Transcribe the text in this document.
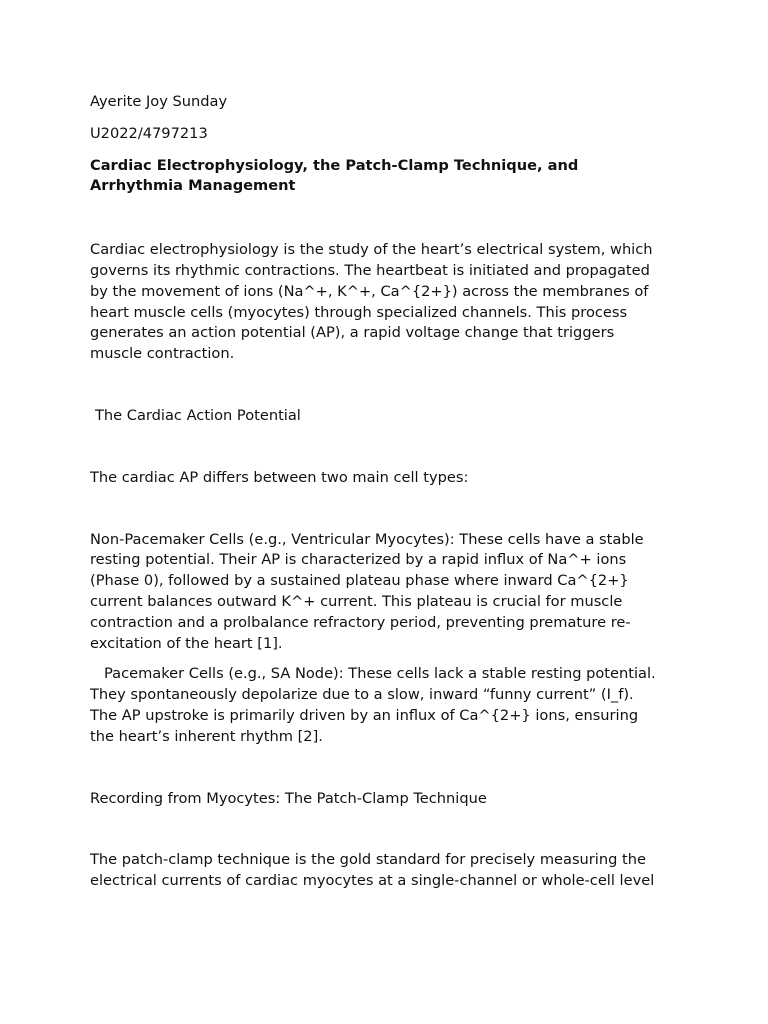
Ayerite Joy Sunday

U2022/4797213

Cardiac Electrophysiology, the Patch-Clamp Technique, and

Arrhythmia Management

Cardiac electrophysiology is the study of the heart’s electrical system, which

governs its rhythmic contractions. The heartbeat is initiated and propagated

by the movement of ions (Na^+, K^+, Ca^{2+}) across the membranes of

heart muscle cells (myocytes) through specialized channels. This process

generates an action potential (AP), a rapid voltage change that triggers

muscle contraction.

The Cardiac Action Potential

The cardiac AP differs between two main cell types:

Non-Pacemaker Cells (e.g., Ventricular Myocytes): These cells have a stable

resting potential. Their AP is characterized by a rapid influx of Na^+ ions

(Phase 0), followed by a sustained plateau phase where inward Ca^{2+}

current balances outward K^+ current. This plateau is crucial for muscle

contraction and a prolbalance refractory period, preventing premature re-

excitation of the heart [1].

Pacemaker Cells (e.g., SA Node): These cells lack a stable resting potential.

They spontaneously depolarize due to a slow, inward “funny current” (I_f).

The AP upstroke is primarily driven by an influx of Ca^{2+} ions, ensuring

the heart’s inherent rhythm [2].

Recording from Myocytes: The Patch-Clamp Technique

The patch-clamp technique is the gold standard for precisely measuring the

electrical currents of cardiac myocytes at a single-channel or whole-cell level
